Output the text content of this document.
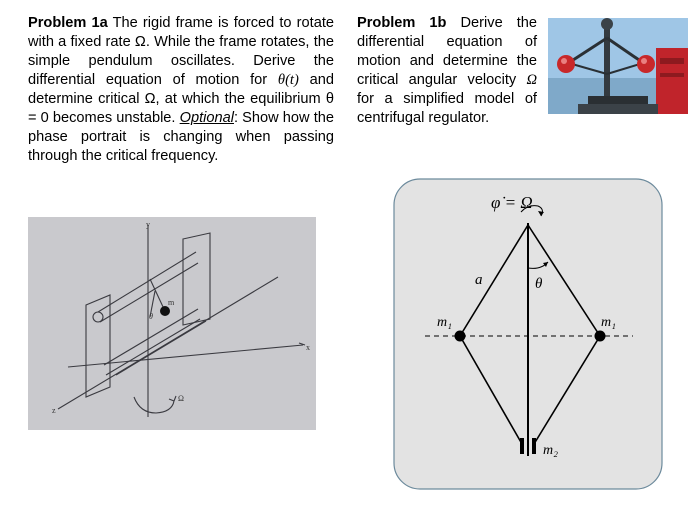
Problem 1a The rigid frame is forced to rotate with a fixed rate Ω. While the frame rotates, the simple pendulum oscillates. Derive the differential equation of motion for θ(t) and determine critical Ω, at which the equilibrium θ = 0 becomes unstable. Optional: Show how the phase portrait is changing when passing through the critical frequency.
Problem 1b Derive the differential equation of motion and determine the critical angular velocity Ω for a simplified model of centrifugal regulator.
y
x
z
m
θ
Ω
φ̇ = Ω
a	θ
m₁	m₁
m₂
